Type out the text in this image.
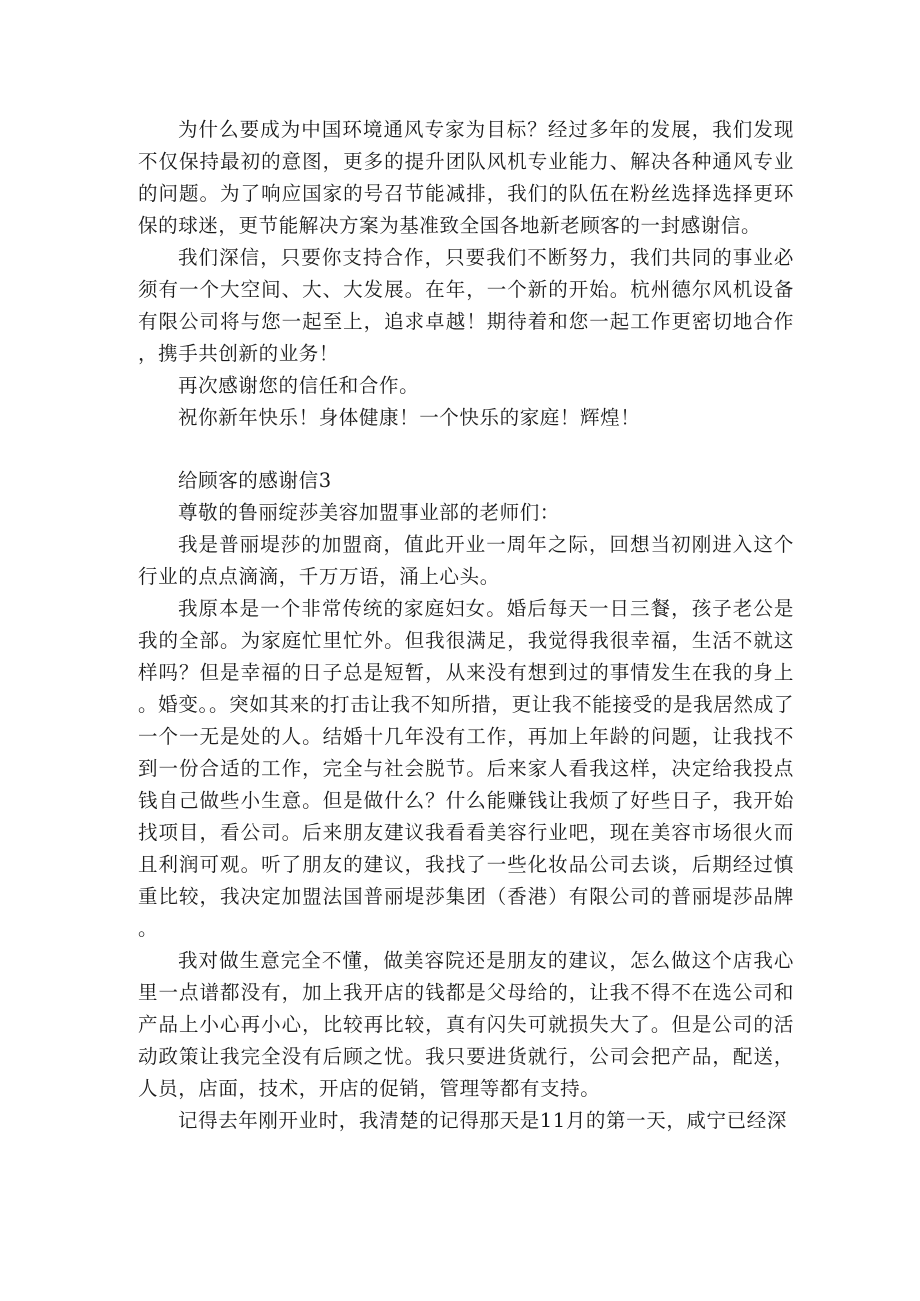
为什么要成为中国环境通风专家为目标？经过多年的发展，我们发现不仅保持最初的意图，更多的提升团队风机专业能力、解决各种通风专业的问题。为了响应国家的号召节能减排，我们的队伍在粉丝选择选择更环保的球迷，更节能解决方案为基准致全国各地新老顾客的一封感谢信。

我们深信，只要你支持合作，只要我们不断努力，我们共同的事业必须有一个大空间、大、大发展。在年，一个新的开始。杭州德尔风机设备有限公司将与您一起至上，追求卓越！期待着和您一起工作更密切地合作，携手共创新的业务！

再次感谢您的信任和合作。

祝你新年快乐！身体健康！一个快乐的家庭！辉煌！

给顾客的感谢信3

尊敬的鲁丽绽莎美容加盟事业部的老师们：

我是普丽堤莎的加盟商，值此开业一周年之际，回想当初刚进入这个行业的点点滴滴，千万万语，涌上心头。

我原本是一个非常传统的家庭妇女。婚后每天一日三餐，孩子老公是我的全部。为家庭忙里忙外。但我很满足，我觉得我很幸福，生活不就这样吗？但是幸福的日子总是短暂，从来没有想到过的事情发生在我的身上。婚变。。突如其来的打击让我不知所措，更让我不能接受的是我居然成了一个一无是处的人。结婚十几年没有工作，再加上年龄的问题，让我找不到一份合适的工作，完全与社会脱节。后来家人看我这样，决定给我投点钱自己做些小生意。但是做什么？什么能赚钱让我烦了好些日子，我开始找项目，看公司。后来朋友建议我看看美容行业吧，现在美容市场很火而且利润可观。听了朋友的建议，我找了一些化妆品公司去谈，后期经过慎重比较，我决定加盟法国普丽堤莎集团（香港）有限公司的普丽堤莎品牌。

我对做生意完全不懂，做美容院还是朋友的建议，怎么做这个店我心里一点谱都没有，加上我开店的钱都是父母给的，让我不得不在选公司和产品上小心再小心，比较再比较，真有闪失可就损失大了。但是公司的活动政策让我完全没有后顾之忧。我只要进货就行，公司会把产品，配送，人员，店面，技术，开店的促销，管理等都有支持。

记得去年刚开业时，我清楚的记得那天是11月的第一天，咸宁已经深
